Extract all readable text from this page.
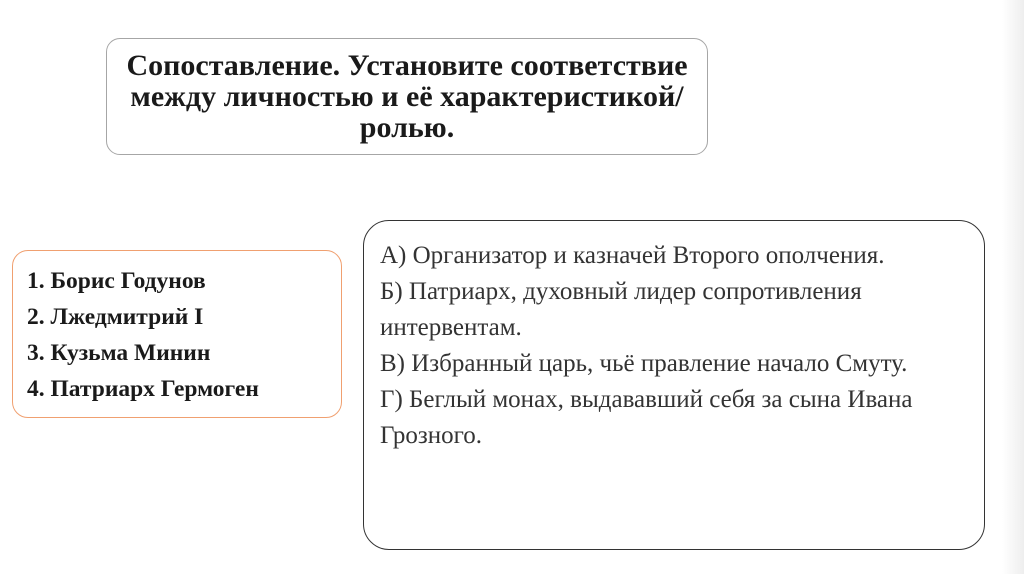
Сопоставление. Установите соответствие между личностью и её характеристикой/ролью.
1. Борис Годунов
2. Лжедмитрий I
3. Кузьма Минин
4. Патриарх Гермоген
А) Организатор и казначей Второго ополчения.
Б) Патриарх, духовный лидер сопротивления интервентам.
В) Избранный царь, чьё правление начало Смуту.
Г) Беглый монах, выдававший себя за сына Ивана Грозного.
